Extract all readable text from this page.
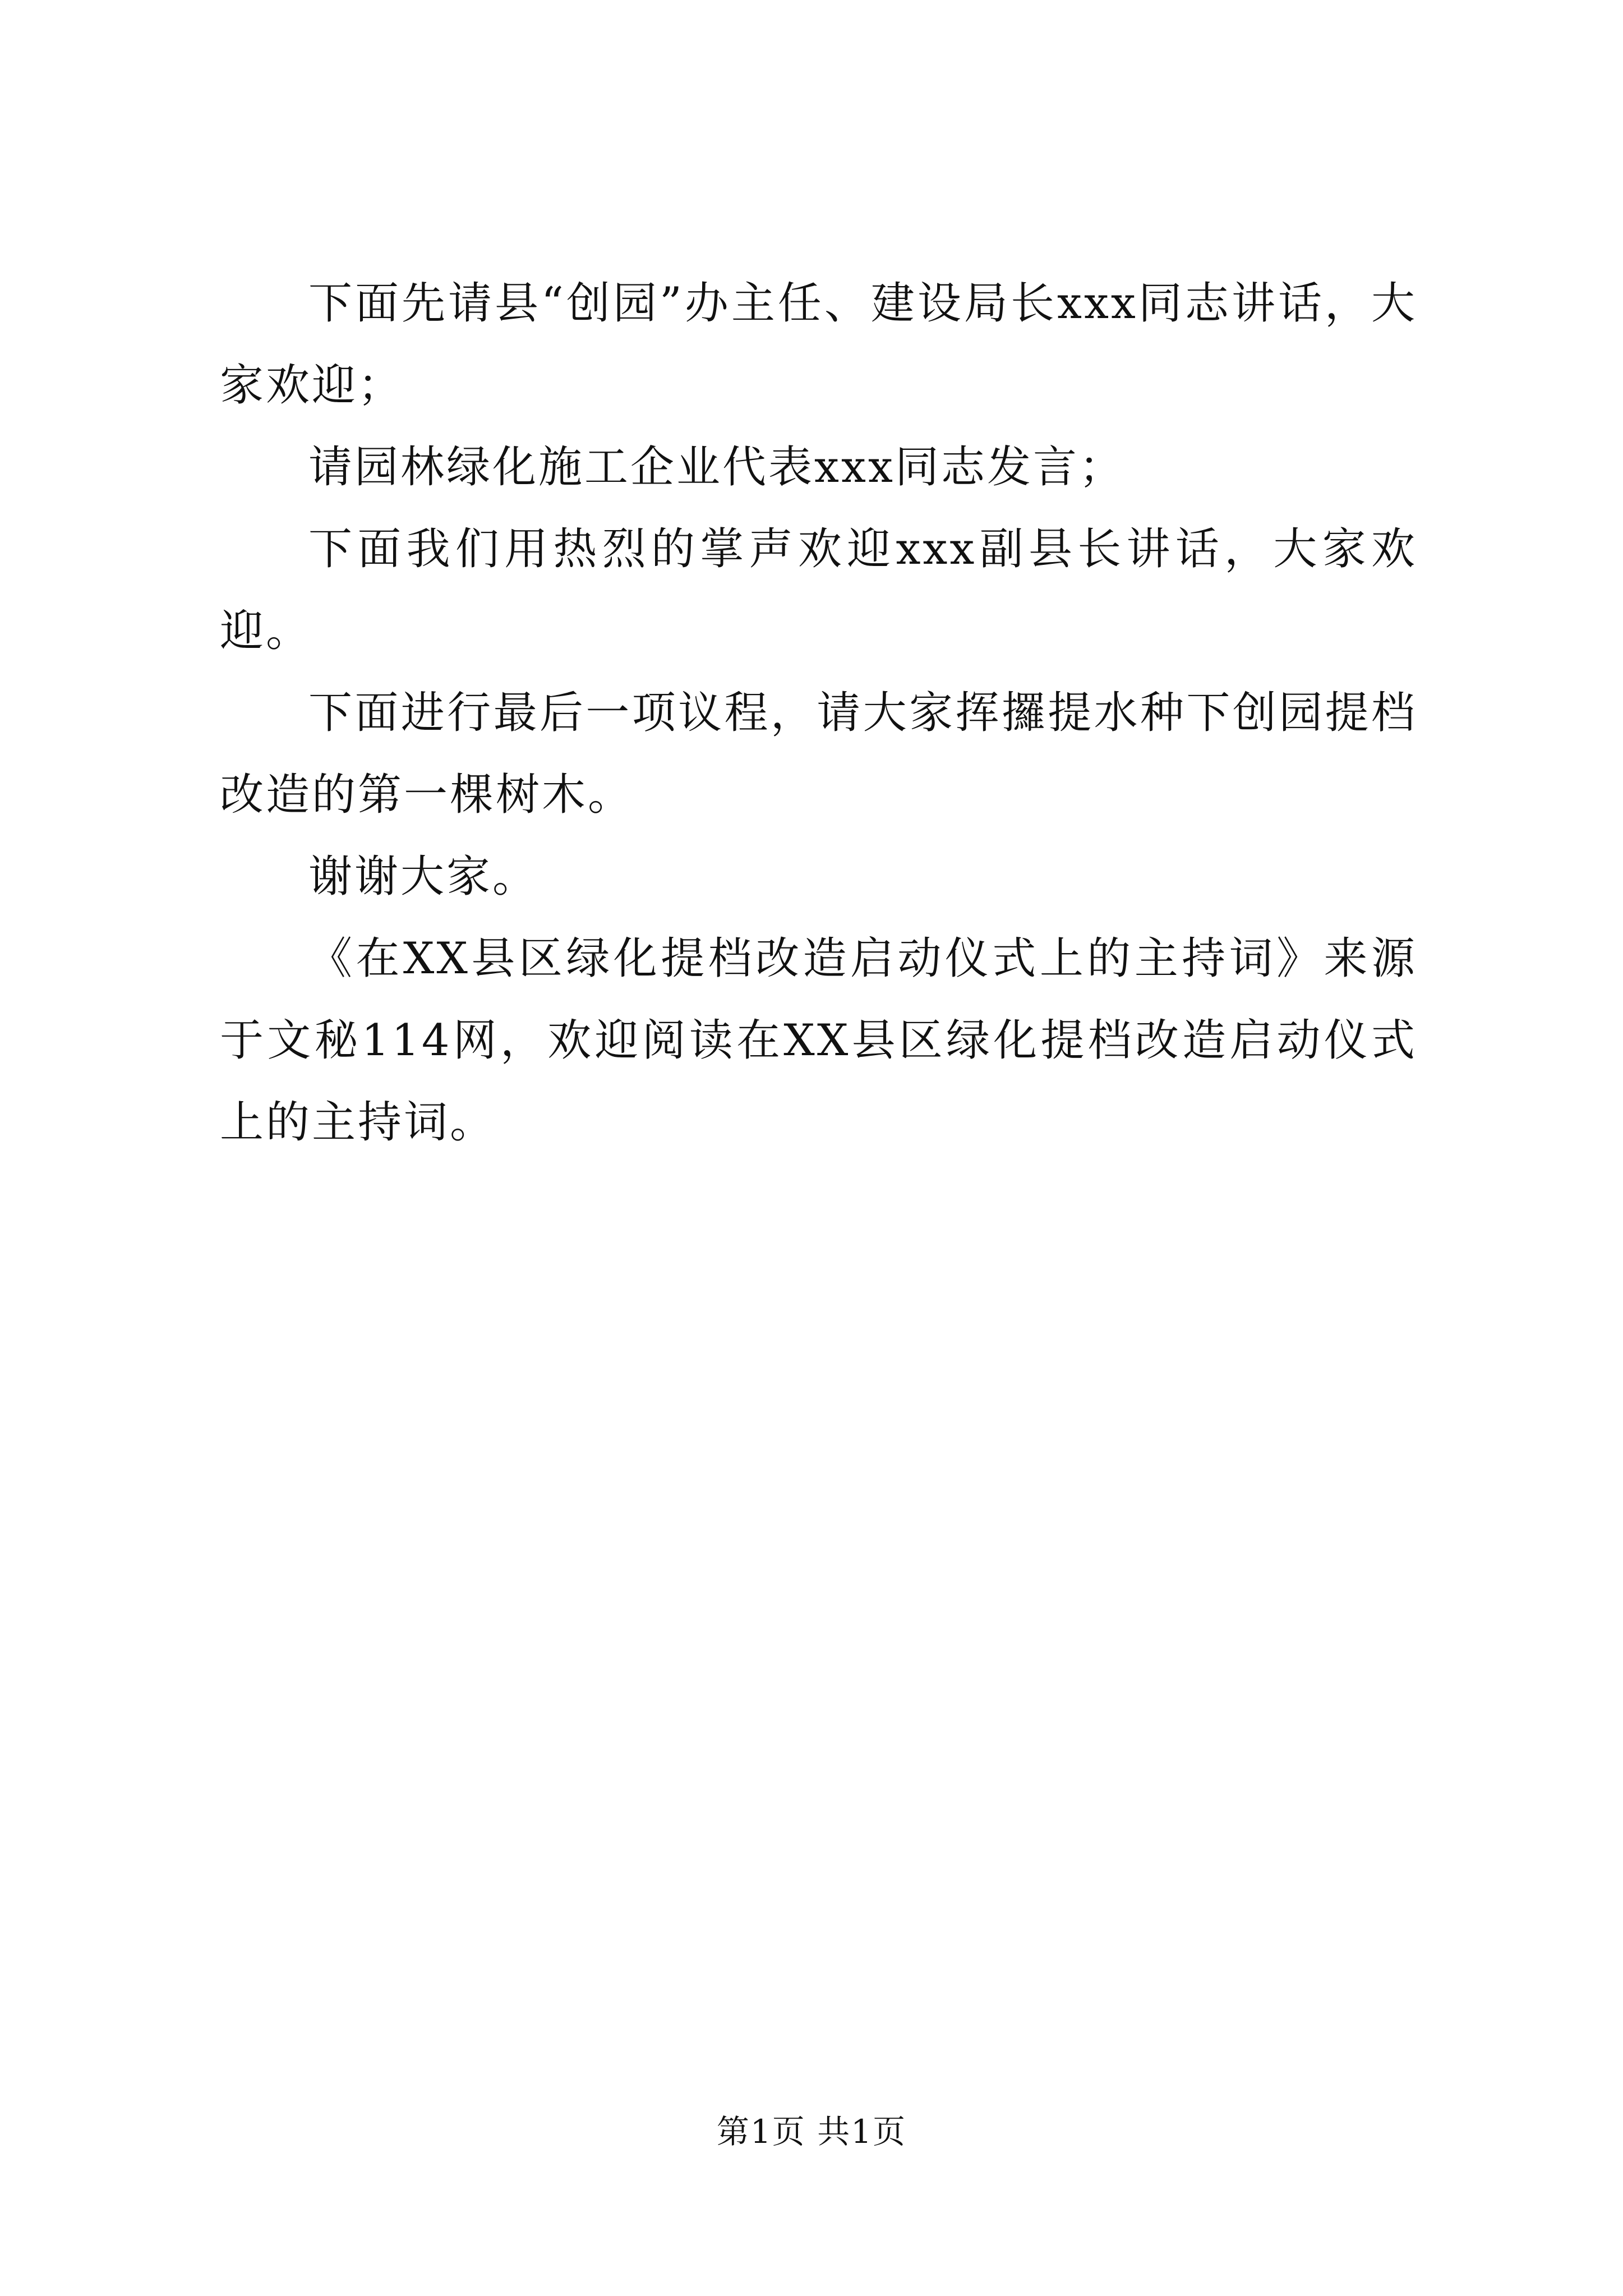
下面先请县“创园”办主任、建设局长xxx同志讲话，大家欢迎；

请园林绿化施工企业代表xxx同志发言；

下面我们用热烈的掌声欢迎xxx副县长讲话，大家欢迎。

下面进行最后一项议程，请大家挥攞提水种下创园提档改造的第一棵树木。

谢谢大家。

《在XX县区绿化提档改造启动仪式上的主持词》来源于文秘114网，欢迎阅读在XX县区绿化提档改造启动仪式上的主持词。

第1页 共1页
